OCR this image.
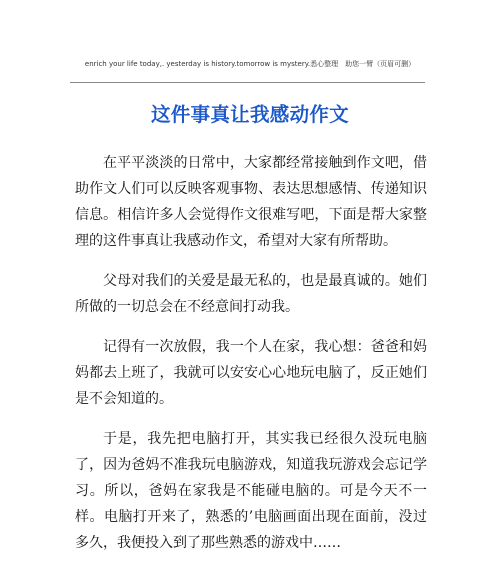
enrich your life today,. yesterday is history.tomorrow is mystery.悉心整理　助您一臂（页眉可删）
这件事真让我感动作文

在平平淡淡的日常中，大家都经常接触到作文吧，借助作文人们可以反映客观事物、表达思想感情、传递知识信息。相信许多人会觉得作文很难写吧，下面是帮大家整理的这件事真让我感动作文，希望对大家有所帮助。

父母对我们的关爱是最无私的，也是最真诚的。她们所做的一切总会在不经意间打动我。

记得有一次放假，我一个人在家，我心想：爸爸和妈妈都去上班了，我就可以安安心心地玩电脑了，反正她们是不会知道的。

于是，我先把电脑打开，其实我已经很久没玩电脑了，因为爸妈不准我玩电脑游戏，知道我玩游戏会忘记学习。所以，爸妈在家我是不能碰电脑的。可是今天不一样。电脑打开来了，熟悉的’电脑画面出现在面前，没过多久，我便投入到了那些熟悉的游戏中……
